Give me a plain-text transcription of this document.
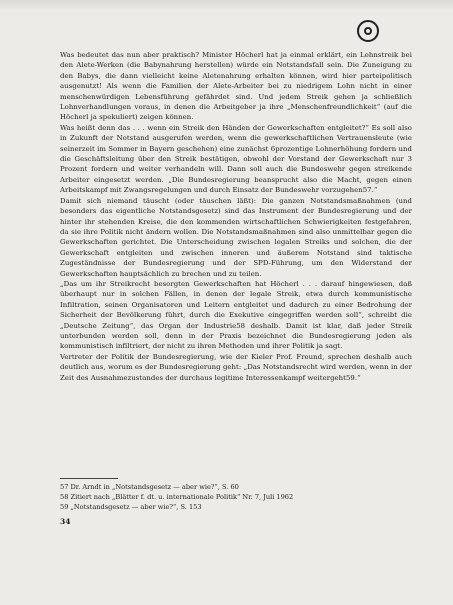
Was bedeutet das nun aber praktisch? Minister Höcherl hat ja einmal erklärt, ein Lohnstreik bei den Alete-Werken (die Babynahrung herstellen) würde ein Notstandsfall sein. Die Zuneigung zu den Babys, die dann vielleicht keine Aletenahrung erhalten können, wird hier parteipolitisch ausgenutzt! Als wenn die Familien der Alete-Arbeiter bei zu niedrigem Lohn nicht in einer menschenwürdigen Lebensführung gefährdet sind. Und jedem Streik gehen ja schließlich Lohnverhandlungen voraus, in denen die Arbeitgeber ja ihre „Menschenfreundlichkeit“ (auf die Höcherl ja spekuliert) zeigen können.

Was heißt denn das . . . wenn ein Streik den Händen der Gewerkschaften entgleitet?“ Es soll also in Zukunft der Notstand ausgerufen werden, wenn die gewerkschaftlichen Vertrauensleute (wie seinerzeit im Sommer in Bayern geschehen) eine zunächst 6prozentige Lohnerhöhung fordern und die Geschäftsleitung über den Streik bestätigen, obwohl der Vorstand der Gewerkschaft nur 3 Prozent fordern und weiter verhandeln will. Dann soll auch die Bundeswehr gegen streikende Arbeiter eingesetzt werden. „Die Bundesregierung beansprucht also die Macht, gegen einen Arbeitskampf mit Zwangsregelungen und durch Einsatz der Bundeswehr vorzugehen57.“

Damit sich niemand täuscht (oder täuschen läßt): Die ganzen Notstandsmaßnahmen (und besonders das eigentliche Notstandsgesetz) sind das Instrument der Bundesregierung und der hinter ihr stehenden Kreise, die den kommenden wirtschaftlichen Schwierigkeiten festgefahren, da sie ihre Politik nicht ändern wollen. Die Notstandsmaßnahmen sind also unmittelbar gegen die Gewerkschaften gerichtet. Die Unterscheidung zwischen legalen Streiks und solchen, die der Gewerkschaft entgleiten und zwischen inneren und äußerem Notstand sind taktische Zugeständnisse der Bundesregierung und der SPD-Führung, um den Widerstand der Gewerkschaften hauptsächlich zu brechen und zu teilen.

„Das um ihr Streikrecht besorgten Gewerkschaften hat Höcherl . . . darauf hingewiesen, daß überhaupt nur in solchen Fällen, in denen der legale Streik, etwa durch kommunistische Infiltration, seinen Organisatoren und Leitern entgleitet und dadurch zu einer Bedrohung der Sicherheit der Bevölkerung führt, durch die Exekutive eingegriffen werden soll“, schreibt die „Deutsche Zeitung“, das Organ der Industrie58 deshalb. Damit ist klar, daß jeder Streik unterbunden werden soll, denn in der Praxis bezeichnet die Bundesregierung jeden als kommunistisch infiltriert, der nicht zu ihren Methoden und ihrer Politik ja sagt.

Vertreter der Politik der Bundesregierung, wie der Kieler Prof. Freund, sprechen deshalb auch deutlich aus, worum es der Bundesregierung geht: „Das Notstandsrecht wird werden, wenn in der Zeit des Ausnahmezustandes der durchaus legitime Interessenkampf weitergeht59.“

57 Dr. Arndt in „Notstandsgesetz — aber wie?“, S. 60
58 Zitiert nach „Blätter f. dt. u. internationale Politik“ Nr. 7, Juli 1962
59 „Notstandsgesetz — aber wie?“, S. 153
34
